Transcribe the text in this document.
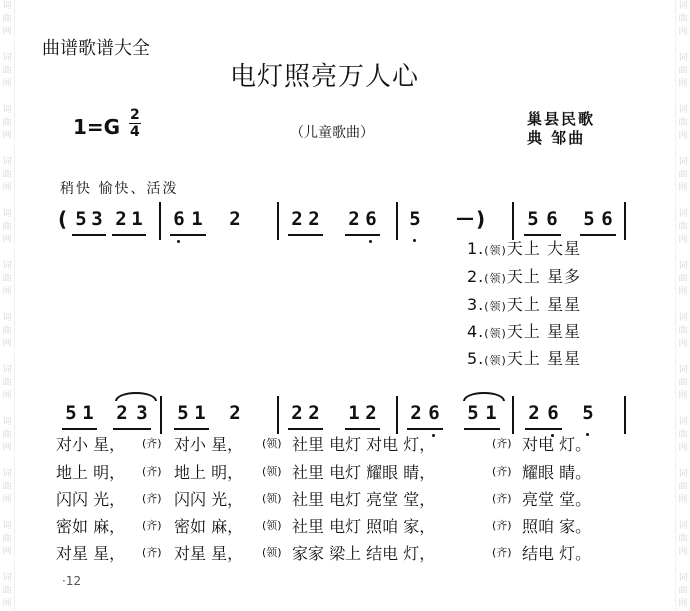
词
曲
网

词
曲
网

词
曲
网

词
曲
网

词
曲
网

词
曲
网

词
曲
网

词
曲
网

词
曲
网

词
曲
网

词
曲
网

词
曲
网
词
曲
网

词
曲
网

词
曲
网

词
曲
网

词
曲
网

词
曲
网

词
曲
网

词
曲
网

词
曲
网

词
曲
网

词
曲
网

词
曲
网
曲谱歌谱大全
电灯照亮万人心
1=G 2
4	（儿童歌曲）
巢县民歌
典 邹曲
稍快 愉快、活泼
( 5 3 2 1 6 1 2	2 2 2 6 5 — ) 5 6 5 6
1.(领)天上 大星
2.(领)天上 星多
3.(领)天上 星星
4.(领)天上 星星
5.(领)天上 星星
5 1 2 3 5 1 2	2 2 1 2 2 6 5 1 2 6 5
对小 星， (齐) 对小 星， (领) 社里 电灯 对电 灯，	(齐) 对电 灯。
地上 明， (齐) 地上 明， (领) 社里 电灯 耀眼 睛，	(齐) 耀眼 睛。
闪闪 光， (齐) 闪闪 光， (领) 社里 电灯 亮堂 堂，	(齐) 亮堂 堂。
密如 麻， (齐) 密如 麻， (领) 社里 电灯 照咱 家，	(齐) 照咱 家。
对星 星， (齐) 对星 星， (领) 家家 梁上 结电 灯，	(齐) 结电 灯。
·12
